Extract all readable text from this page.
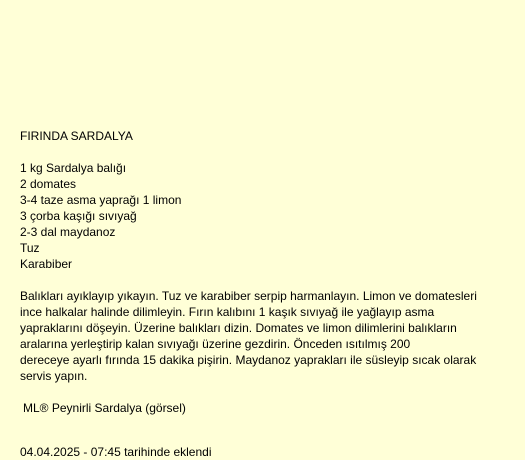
FIRINDA SARDALYA
1 kg Sardalya balığı
2 domates
3-4 taze asma yaprağı 1 limon
3 çorba kaşığı sıvıyağ
2-3 dal maydanoz
Tuz
Karabiber
Balıkları ayıklayıp yıkayın. Tuz ve karabiber serpip harmanlayın. Limon ve domatesleri
ince halkalar halinde dilimleyin. Fırın kalıbını 1 kaşık sıvıyağ ile yağlayıp asma
yapraklarını döşeyin. Üzerine balıkları dizin. Domates ve limon dilimlerini balıkların
aralarına yerleştirip kalan sıvıyağı üzerine gezdirin. Önceden ısıtılmış 200
dereceye ayarlı fırında 15 dakika pişirin. Maydanoz yaprakları ile süsleyip sıcak olarak
servis yapın.
ML® Peynirli Sardalya (görsel)
04.04.2025 - 07:45 tarihinde eklendi
